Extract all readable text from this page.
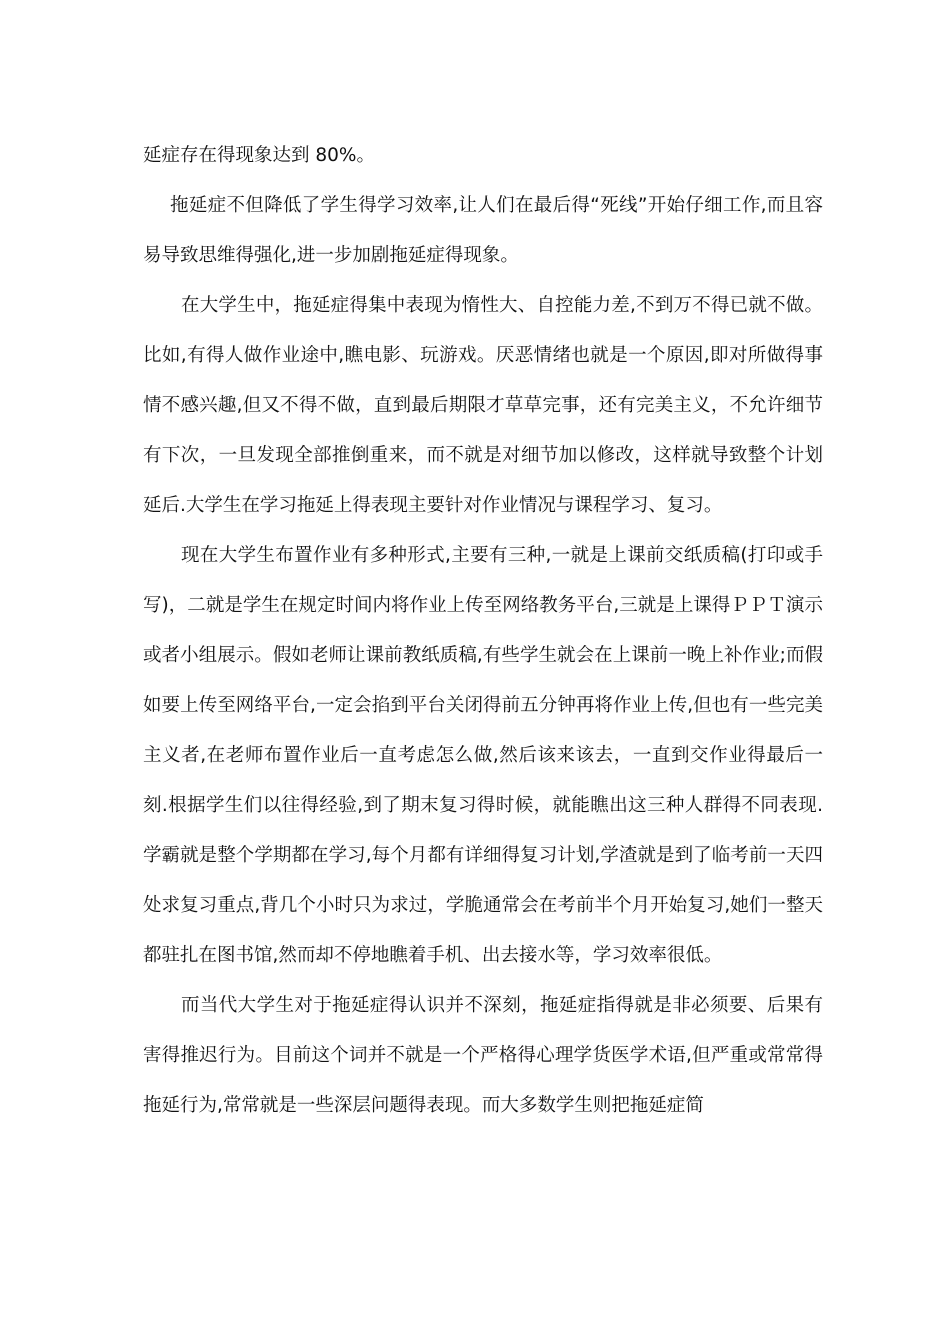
延症存在得现象达到 80%。

拖延症不但降低了学生得学习效率,让人们在最后得“死线”开始仔细工作,而且容易导致思维得强化,进一步加剧拖延症得现象。

在大学生中，拖延症得集中表现为惰性大、自控能力差,不到万不得已就不做。比如,有得人做作业途中,瞧电影、玩游戏。厌恶情绪也就是一个原因,即对所做得事情不感兴趣,但又不得不做，直到最后期限才草草完事，还有完美主义，不允许细节有下次，一旦发现全部推倒重来，而不就是对细节加以修改，这样就导致整个计划延后.大学生在学习拖延上得表现主要针对作业情况与课程学习、复习。

现在大学生布置作业有多种形式,主要有三种,一就是上课前交纸质稿(打印或手写)，二就是学生在规定时间内将作业上传至网络教务平台,三就是上课得ＰＰＴ演示或者小组展示。假如老师让课前教纸质稿,有些学生就会在上课前一晚上补作业;而假如要上传至网络平台,一定会掐到平台关闭得前五分钟再将作业上传,但也有一些完美主义者,在老师布置作业后一直考虑怎么做,然后该来该去，一直到交作业得最后一刻.根据学生们以往得经验,到了期末复习得时候，就能瞧出这三种人群得不同表现.学霸就是整个学期都在学习,每个月都有详细得复习计划,学渣就是到了临考前一天四处求复习重点,背几个小时只为求过，学脆通常会在考前半个月开始复习,她们一整天都驻扎在图书馆,然而却不停地瞧着手机、出去接水等，学习效率很低。

而当代大学生对于拖延症得认识并不深刻，拖延症指得就是非必须要、后果有害得推迟行为。目前这个词并不就是一个严格得心理学货医学术语,但严重或常常得拖延行为,常常就是一些深层问题得表现。而大多数学生则把拖延症简
